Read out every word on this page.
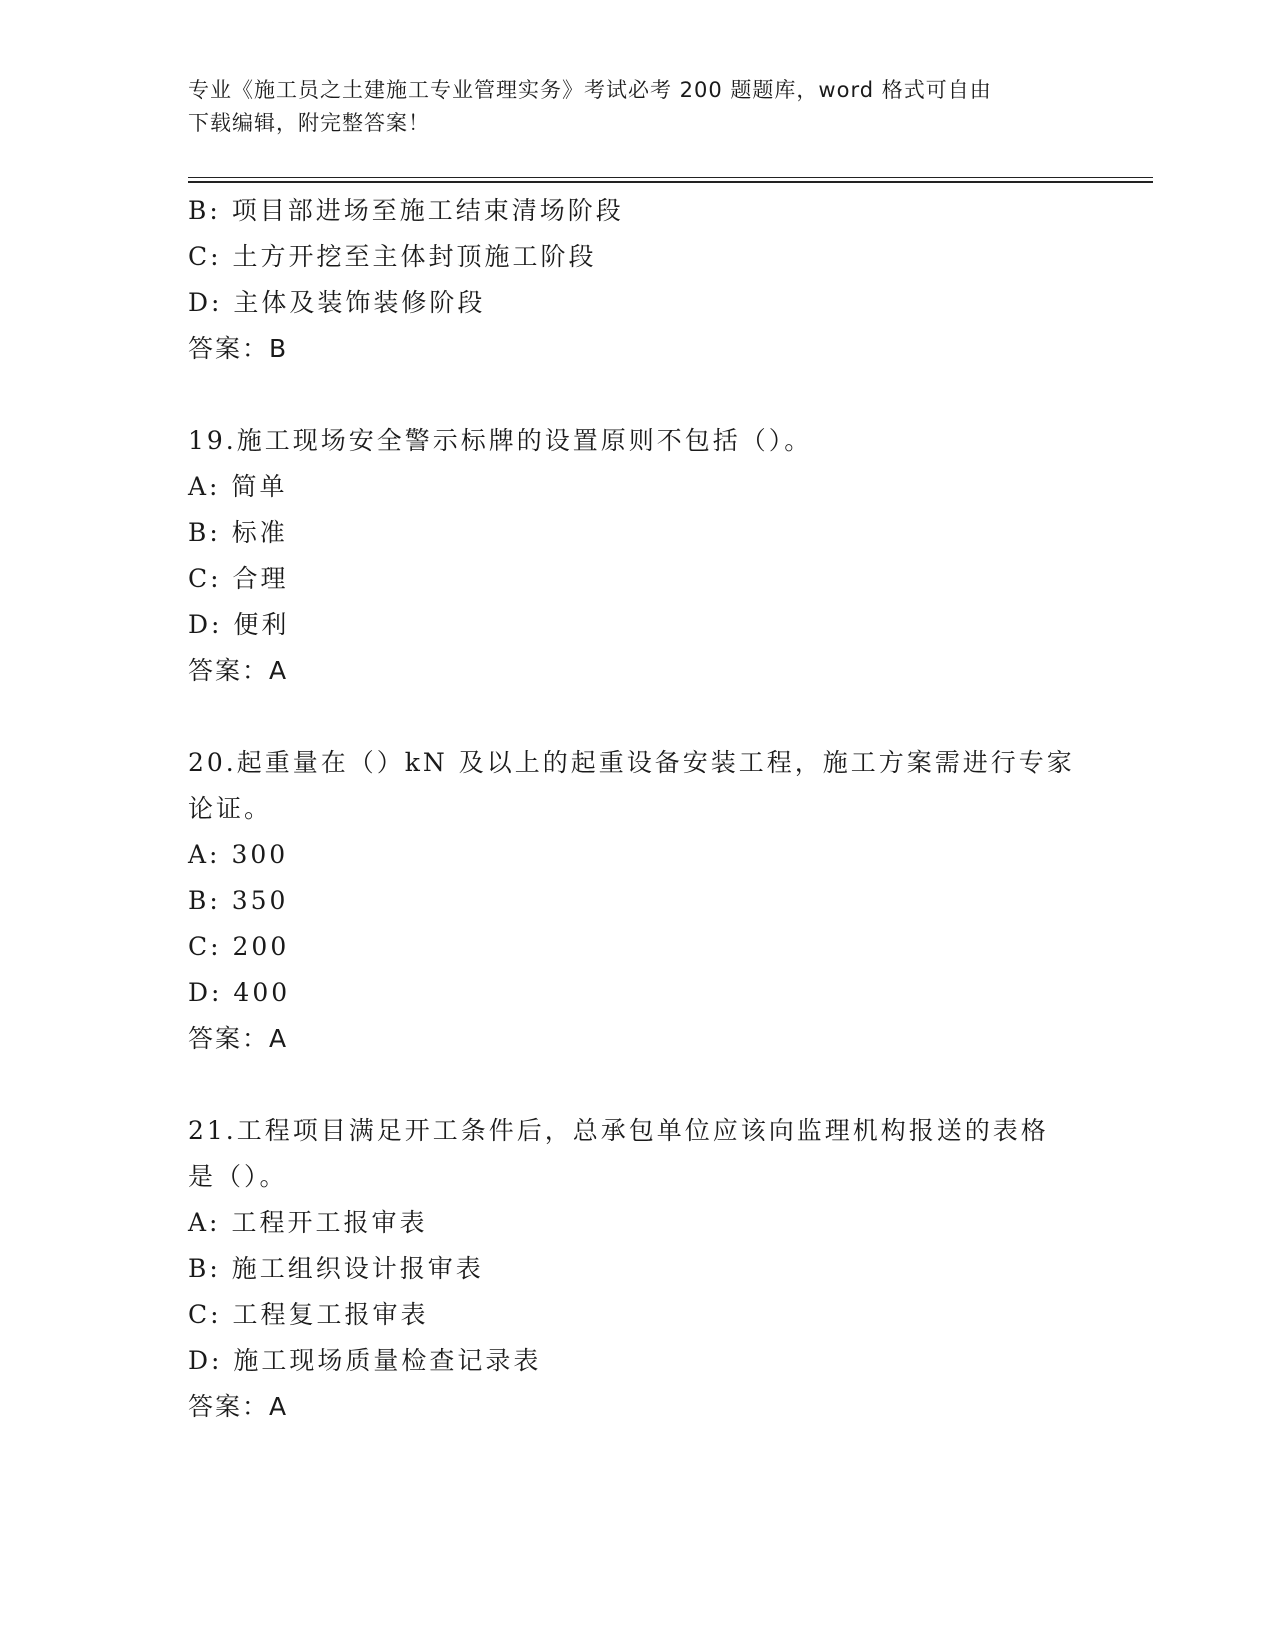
专业《施工员之土建施工专业管理实务》考试必考 200 题题库，word 格式可自由
下载编辑，附完整答案！
B: 项目部进场至施工结束清场阶段
C: 土方开挖至主体封顶施工阶段
D: 主体及装饰装修阶段
答案：B
19.施工现场安全警示标牌的设置原则不包括（）。
A: 简单
B: 标准
C: 合理
D: 便利
答案：A
20.起重量在（）kN 及以上的起重设备安装工程，施工方案需进行专家
论证。
A: 300
B: 350
C: 200
D: 400
答案：A
21.工程项目满足开工条件后，总承包单位应该向监理机构报送的表格
是（）。
A: 工程开工报审表
B: 施工组织设计报审表
C: 工程复工报审表
D: 施工现场质量检查记录表
答案：A
